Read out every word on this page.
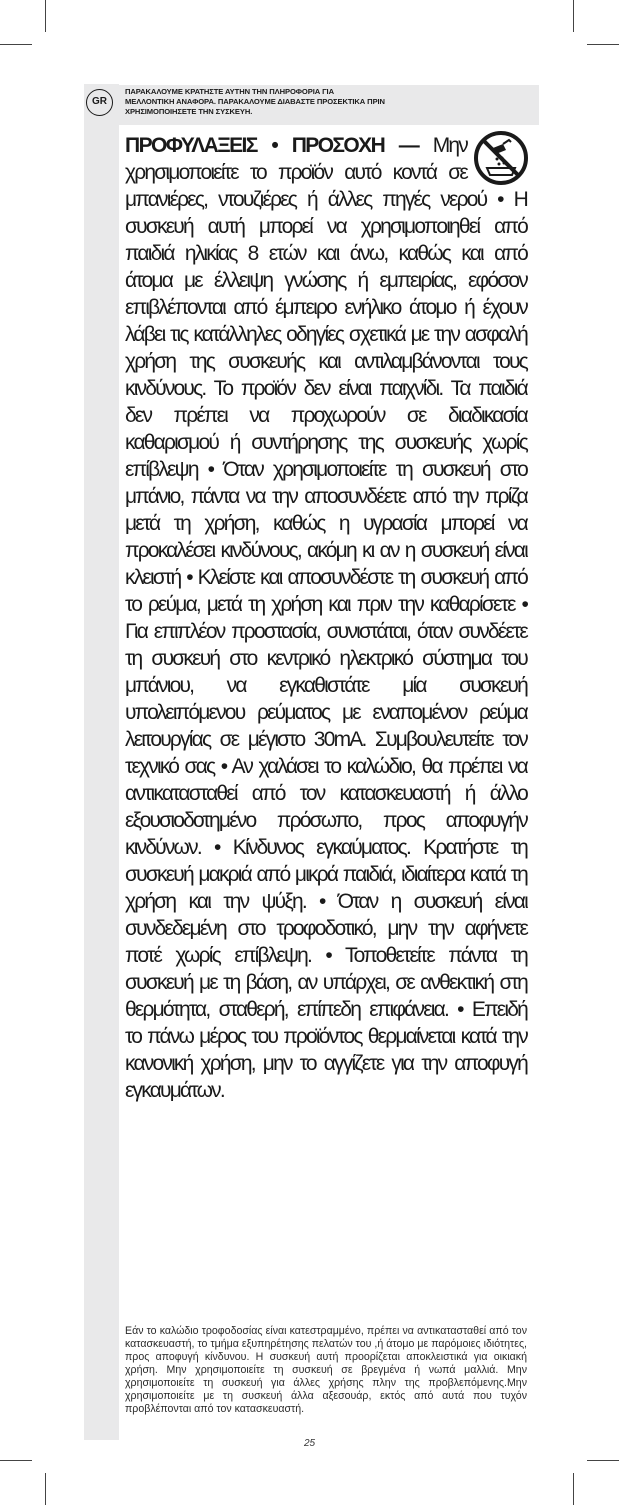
GR
ΠΑΡΑΚΑΛΟΥΜΕ ΚΡΑΤΗΣΤΕ ΑΥΤΗΝ ΤΗΝ ΠΛΗΡΟΦΟΡΙΑ ΓΙΑ
ΜΕΛΛΟΝΤΙΚΗ ΑΝΑΦΟΡΑ. ΠΑΡΑΚΑΛΟΥΜΕ ΔΙΑΒΑΣΤΕ ΠΡΟΣΕΚΤΙΚΑ ΠΡΙΝ
ΧΡΗΣΙΜΟΠΟΙΗΣΕΤΕ ΤΗΝ ΣΥΣΚΕΥΗ.
ΠΡΟΦΥΛΑΞΕΙΣ • ΠΡΟΣΟΧΗ — Μην χρησιμοποιείτε το προϊόν αυτό κοντά σε μπανιέρες, ντουζιέρες ή άλλες πηγές νερού • Η συσκευή αυτή μπορεί να χρησιμοποιηθεί από παιδιά ηλικίας 8 ετών και άνω, καθώς και από άτομα με έλλειψη γνώσης ή εμπειρίας, εφόσον επιβλέπονται από έμπειρο ενήλικο άτομο ή έχουν λάβει τις κατάλληλες οδηγίες σχετικά με την ασφαλή χρήση της συσκευής και αντιλαμβάνονται τους κινδύνους. Το προϊόν δεν είναι παιχνίδι. Τα παιδιά δεν πρέπει να προχωρούν σε διαδικασία καθαρισμού ή συντήρησης της συσκευής χωρίς επίβλεψη • Όταν χρησιμοποιείτε τη συσκευή στο μπάνιο, πάντα να την αποσυνδέετε από την πρίζα μετά τη χρήση, καθώς η υγρασία μπορεί να προκαλέσει κινδύνους, ακόμη κι αν η συσκευή είναι κλειστή • Κλείστε και αποσυνδέστε τη συσκευή από το ρεύμα, μετά τη χρήση και πριν την καθαρίσετε • Για επιπλέον προστασία, συνιστάται, όταν συνδέετε τη συσκευή στο κεντρικό ηλεκτρικό σύστημα του μπάνιου, να εγκαθιστάτε μία συσκευή υπολειπόμενου ρεύματος με εναπομένον ρεύμα λειτουργίας σε μέγιστο 30mA. Συμβουλευτείτε τον τεχνικό σας • Αν χαλάσει το καλώδιο, θα πρέπει να αντικατασταθεί από τον κατασκευαστή ή άλλο εξουσιοδοτημένο πρόσωπο, προς αποφυγήν κινδύνων. • Κίνδυνος εγκαύματος. Κρατήστε τη συσκευή μακριά από μικρά παιδιά, ιδιαίτερα κατά τη χρήση και την ψύξη. • Όταν η συσκευή είναι συνδεδεμένη στο τροφοδοτικό, μην την αφήνετε ποτέ χωρίς επίβλεψη. • Τοποθετείτε πάντα τη συσκευή με τη βάση, αν υπάρχει, σε ανθεκτική στη θερμότητα, σταθερή, επίπεδη επιφάνεια. • Επειδή το πάνω μέρος του προϊόντος θερμαίνεται κατά την κανονική χρήση, μην το αγγίζετε για την αποφυγή εγκαυμάτων.
Εάν το καλώδιο τροφοδοσίας είναι κατεστραμμένο, πρέπει να αντικατασταθεί από τον κατασκευαστή, το τμήμα εξυπηρέτησης πελατών του ,ή άτομο με παρόμοιες ιδιότητες, προς αποφυγή κίνδυνου. Η συσκευή αυτή προορίζεται αποκλειστικά για οικιακή χρήση. Μην χρησιμοποιείτε τη συσκευή σε βρεγμένα ή νωπά μαλλιά. Μην χρησιμοποιείτε τη συσκευή για άλλες χρήσης πλην της προβλεπόμενης.Μην χρησιμοποιείτε με τη συσκευή άλλα αξεσουάρ, εκτός από αυτά που τυχόν προβλέπονται από τον κατασκευαστή.
25
